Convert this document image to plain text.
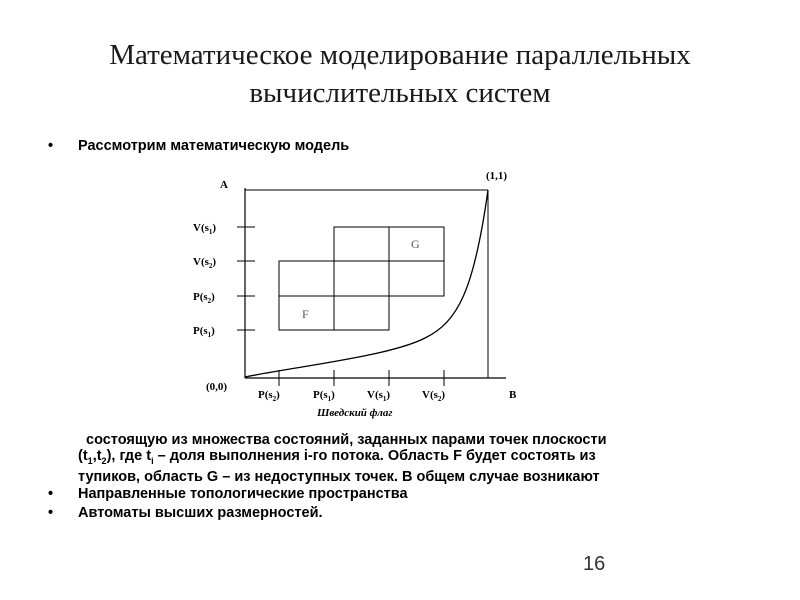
Математическое моделирование параллельных
вычислительных систем
• Рассмотрим математическую модель
G
F
A
B
(0,0)
(1,1)
$V(s_1)$
$V(s_2)$
$P(s_2)$
$P(s_1)$
$P(s_2)$	$P(s_1)$	$V(s_1)$	$V(s_2)$
Шведский флаг
состоящую из множества состояний, заданных парами точек плоскости
$(t_1,t_2)$, где $t_i$ – доля выполнения i-го потока. Область F будет состоять из
тупиков, область G – из недоступных точек. В общем случае возникают
• Направленные топологические пространства
• Автоматы высших размерностей.
16
